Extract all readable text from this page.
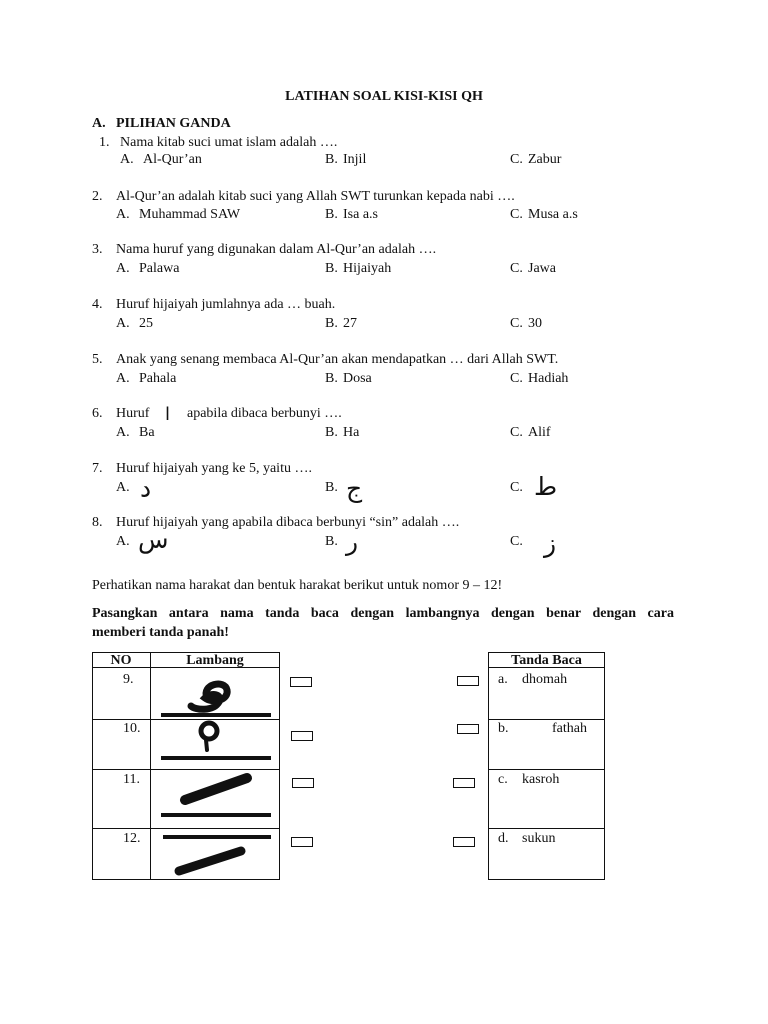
LATIHAN SOAL KISI-KISI QH
A. PILIHAN GANDA
1. Nama kitab suci umat islam adalah ….
A. Al-Qur’an	B. Injil	C. Zabur
2. Al-Qur’an adalah kitab suci yang Allah SWT turunkan kepada nabi ….
A. Muhammad SAW	B. Isa a.s	C. Musa a.s
3. Nama huruf yang digunakan dalam Al-Qur’an adalah ….
A. Palawa	B. Hijaiyah	C. Jawa
4. Huruf hijaiyah jumlahnya ada … buah.
A. 25	B. 27	C. 30
5. Anak yang senang membaca Al-Qur’an akan mendapatkan … dari Allah SWT.
A. Pahala	B. Dosa	C. Hadiah
6. Huruf ا apabila dibaca berbunyi ….
A. Ba	B. Ha	C. Alif
7. Huruf hijaiyah yang ke 5, yaitu ….
A. د	B. ج	C. ط
8. Huruf hijaiyah yang apabila dibaca berbunyi “sin” adalah ….
A. س	B. ر	C. ز
Perhatikan nama harakat dan bentuk harakat berikut untuk nomor 9 – 12!
Pasangkan antara nama tanda baca dengan lambangnya dengan benar dengan cara
memberi tanda panah!
NO	Lambang
9.
10.
11.
12.
Tanda Baca
a. dhomah
b.	fathah
c. kasroh
d. sukun
